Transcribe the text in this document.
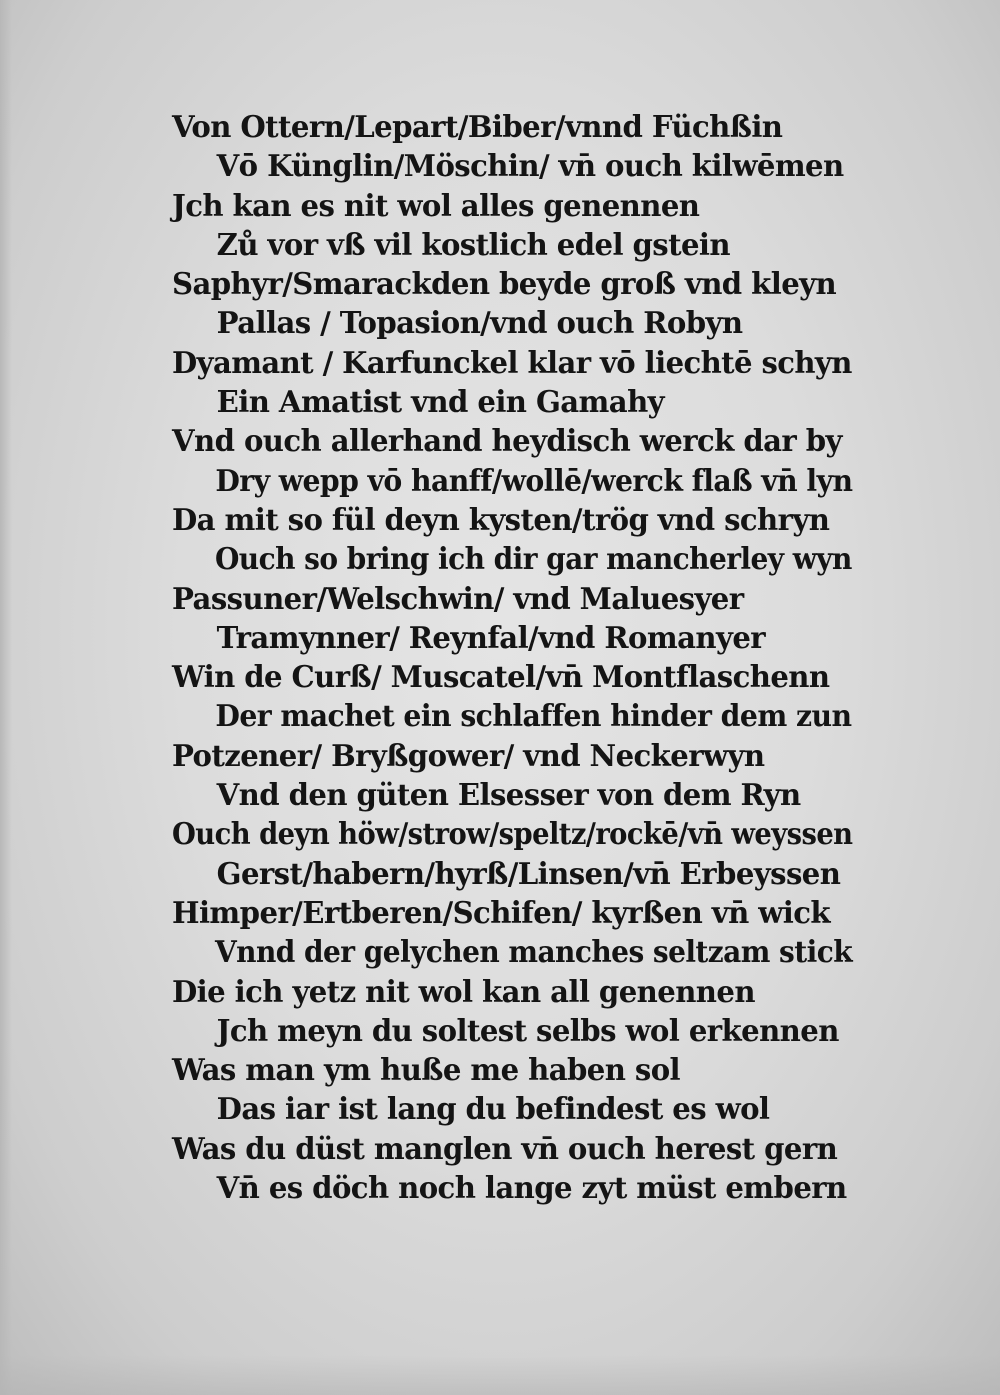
Von Ottern/Lepart/Biber/vnnd Füchßin
Vō Künglin/Möschin/ vn̄ ouch kilwēmen
Jch kan es nit wol alles genennen
Zů vor vß vil kostlich edel gstein
Saphyr/Smarackden beyde groß vnd kleyn
Pallas / Topasion/vnd ouch Robyn
Dyamant / Karfunckel klar vō liechtē schyn
Ein Amatist vnd ein Gamahy
Vnd ouch allerhand heydisch werck dar by
Dry wepp vō hanff/wollē/werck flaß vn̄ lyn
Da mit so fül deyn kysten/trög vnd schryn
Ouch so bring ich dir gar mancherley wyn
Passuner/Welschwin/ vnd Maluesyer
Tramynner/ Reynfal/vnd Romanyer
Win de Curß/ Muscatel/vn̄ Montflaschenn
Der machet ein schlaffen hinder dem zun
Potzener/ Bryßgower/ vnd Neckerwyn
Vnd den güten Elsesser von dem Ryn
Ouch deyn höw/strow/speltz/rockē/vn̄ weyssen
Gerst/habern/hyrß/Linsen/vn̄ Erbeyssen
Himper/Ertberen/Schifen/ kyrßen vn̄ wick
Vnnd der gelychen manches seltzam stick
Die ich yetz nit wol kan all genennen
Jch meyn du soltest selbs wol erkennen
Was man ym huße me haben sol
Das iar ist lang du befindest es wol
Was du düst manglen vn̄ ouch herest gern
Vn̄ es döch noch lange zyt müst embern
